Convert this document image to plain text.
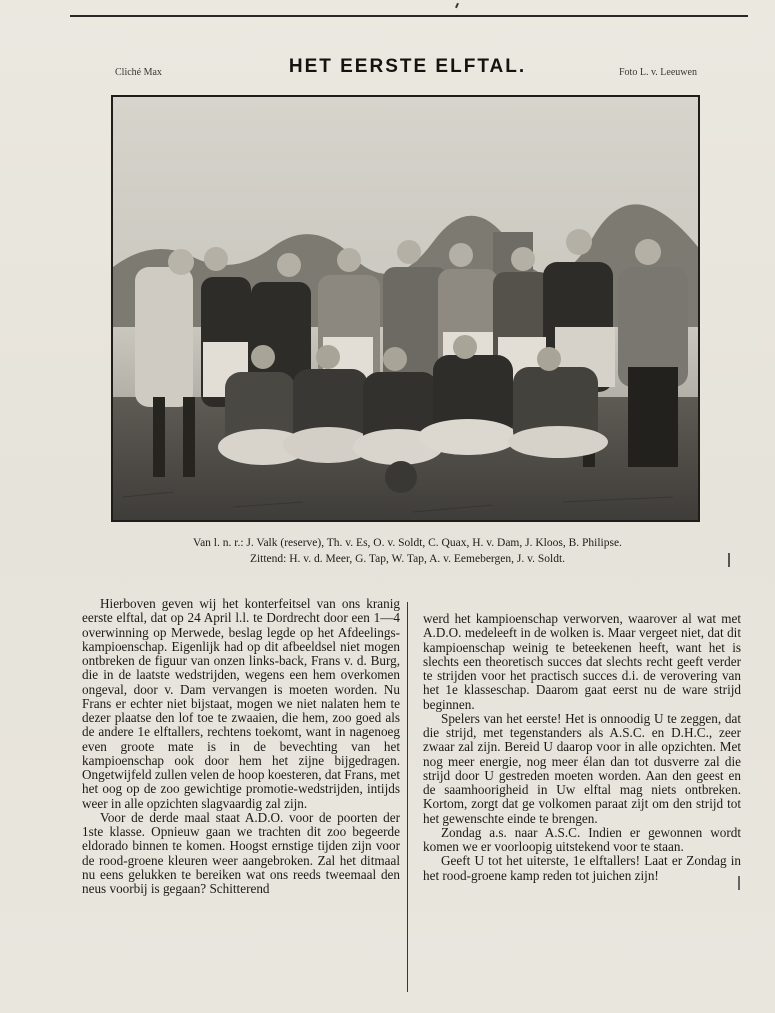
Cliché Max	HET EERSTE ELFTAL.	Foto L. v. Leeuwen
Van l. n. r.: J. Valk (reserve), Th. v. Es, O. v. Soldt, C. Quax, H. v. Dam, J. Kloos, B. Philipse.
Zittend: H. v. d. Meer, G. Tap, W. Tap, A. v. Eemebergen, J. v. Soldt.

Hierboven geven wij het konterfeitsel van ons kranig eerste elftal, dat op 24 April l.l. te Dordrecht door een 1—4 overwinning op Merwede, beslag legde op het Afdeelings-kampioenschap. Eigenlijk had op dit afbeeldsel niet mogen ontbreken de figuur van onzen links-back, Frans v. d. Burg, die in de laatste wedstrijden, wegens een hem overkomen ongeval, door v. Dam vervangen is moeten worden. Nu Frans er echter niet bijstaat, mogen we niet nalaten hem te dezer plaatse den lof toe te zwaaien, die hem, zoo goed als de andere 1e elftallers, rechtens toekomt, want in nagenoeg even groote mate is in de bevechting van het kampioenschap ook door hem het zijne bijgedragen. Ongetwijfeld zullen velen de hoop koesteren, dat Frans, met het oog op de zoo gewichtige promotie-wedstrijden, intijds weer in alle opzichten slagvaardig zal zijn.

Voor de derde maal staat A.D.O. voor de poorten der 1ste klasse. Opnieuw gaan we trachten dit zoo begeerde eldorado binnen te komen. Hoogst ernstige tijden zijn voor de rood-groene kleuren weer aangebroken. Zal het ditmaal nu eens gelukken te bereiken wat ons reeds tweemaal den neus voorbij is gegaan? Schitterend

werd het kampioenschap verworven, waarover al wat met A.D.O. medeleeft in de wolken is. Maar vergeet niet, dat dit kampioenschap weinig te beteekenen heeft, want het is slechts een theoretisch succes dat slechts recht geeft verder te strijden voor het practisch succes d.i. de verovering van het 1e klasseschap. Daarom gaat eerst nu de ware strijd beginnen.

Spelers van het eerste! Het is onnoodig U te zeggen, dat die strijd, met tegenstanders als A.S.C. en D.H.C., zeer zwaar zal zijn. Bereid U daarop voor in alle opzichten. Met nog meer energie, nog meer élan dan tot dusverre zal die strijd door U gestreden moeten worden. Aan den geest en de saamhoorigheid in Uw elftal mag niets ontbreken. Kortom, zorgt dat ge volkomen paraat zijt om den strijd tot het gewenschte einde te brengen.

Zondag a.s. naar A.S.C. Indien er gewonnen wordt komen we er voorloopig uitstekend voor te staan.

Geeft U tot het uiterste, 1e elftallers! Laat er Zondag in het rood-groene kamp reden tot juichen zijn!
